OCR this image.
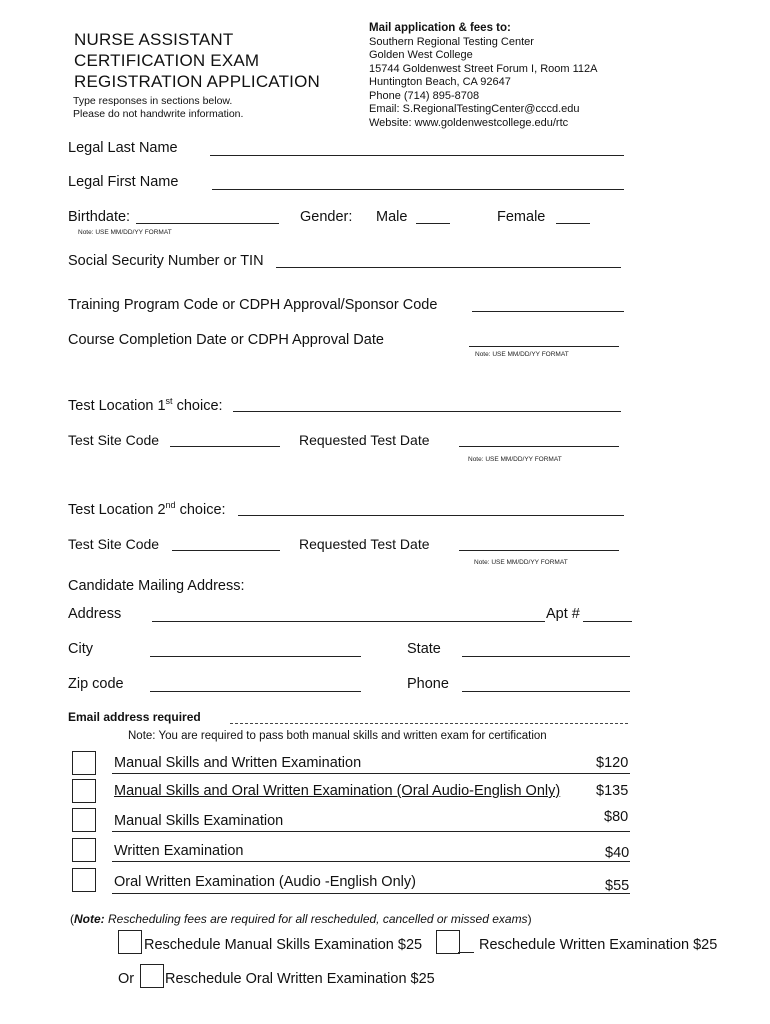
NURSE ASSISTANT
CERTIFICATION EXAM
REGISTRATION APPLICATION
Type responses in sections below.
Please do not handwrite information.
Mail application & fees to:
Southern Regional Testing Center
Golden West College
15744 Goldenwest Street Forum I, Room 112A
Huntington Beach, CA 92647
Phone (714) 895-8708
Email: S.RegionalTestingCenter@cccd.edu
Website: www.goldenwestcollege.edu/rtc
Legal Last Name
Legal First Name
Birthdate:
Note: USE MM/DD/YY FORMAT
Gender: Male	Female
Social Security Number or TIN
Training Program Code or CDPH Approval/Sponsor Code
Course Completion Date or CDPH Approval Date
Note: USE MM/DD/YY FORMAT
Test Location 1st choice:
Test Site Code	Requested Test Date
Note: USE MM/DD/YY FORMAT
Test Location 2nd choice:
Test Site Code	Requested Test Date
Note: USE MM/DD/YY FORMAT
Candidate Mailing Address:
Address	Apt #
City	State
Zip code	Phone
Email address required
Note: You are required to pass both manual skills and written exam for certification
Manual Skills and Written Examination	$120
Manual Skills and Oral Written Examination (Oral Audio-English Only) $135
Manual Skills Examination	$80
Written Examination	$40
Oral Written Examination (Audio -English Only)	$55
(Note: Rescheduling fees are required for all rescheduled, cancelled or missed exams)
Reschedule Manual Skills Examination $25	Reschedule Written Examination $25
Or Reschedule Oral Written Examination $25
